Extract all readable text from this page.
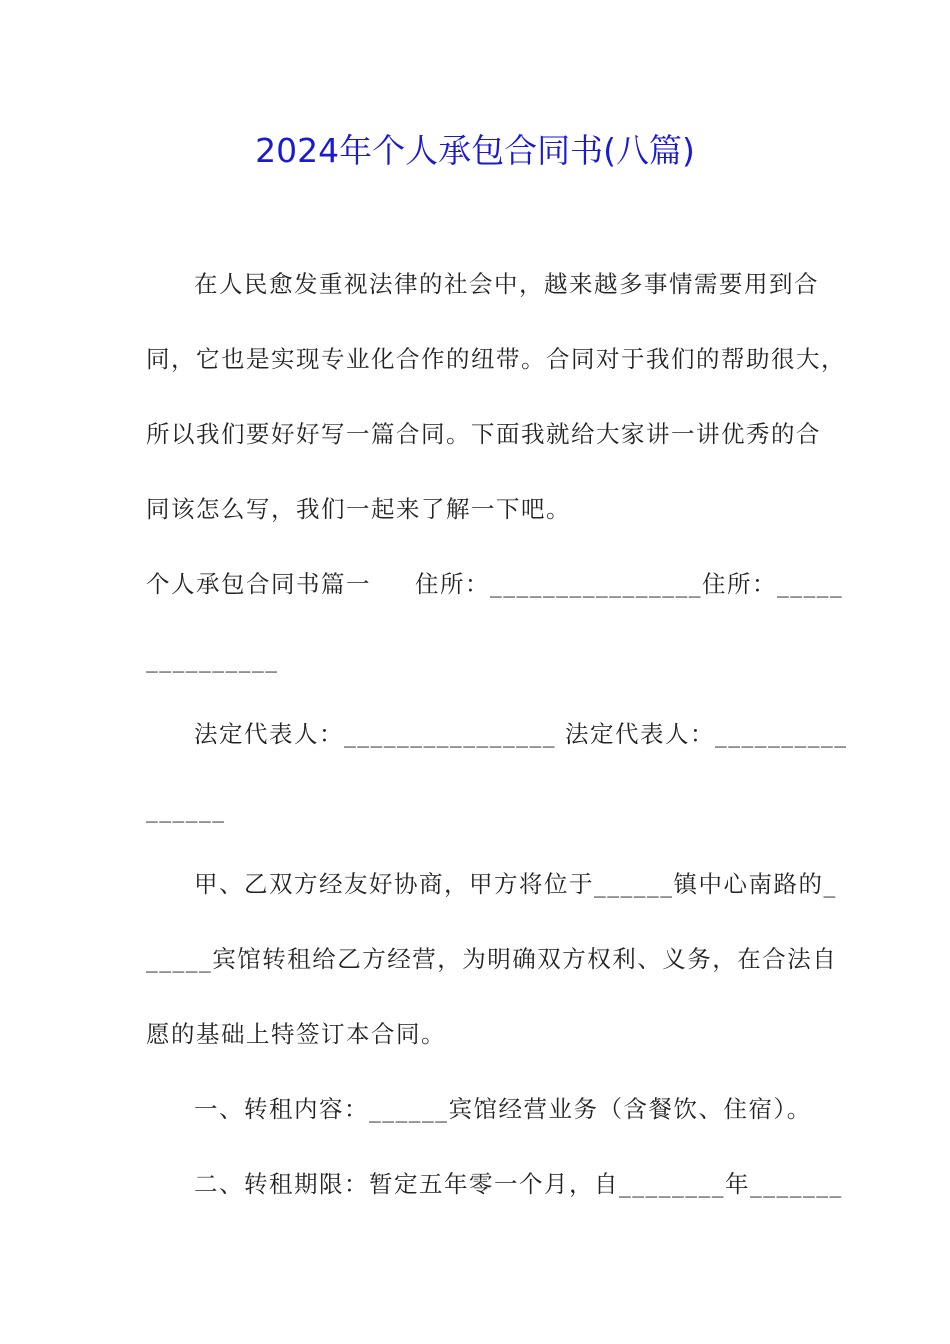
2024年个人承包合同书(八篇)

在人民愈发重视法律的社会中，越来越多事情需要用到合

同，它也是实现专业化合作的纽带。合同对于我们的帮助很大，

所以我们要好好写一篇合同。下面我就给大家讲一讲优秀的合

同该怎么写，我们一起来了解一下吧。

个人承包合同书篇一 住所：________________住所：_____

__________

法定代表人：________________ 法定代表人：__________

______

甲、乙双方经友好协商，甲方将位于______镇中心南路的_

_____宾馆转租给乙方经营，为明确双方权利、义务，在合法自

愿的基础上特签订本合同。

一、转租内容：______宾馆经营业务（含餐饮、住宿）。

二、转租期限：暂定五年零一个月，自________年_______
